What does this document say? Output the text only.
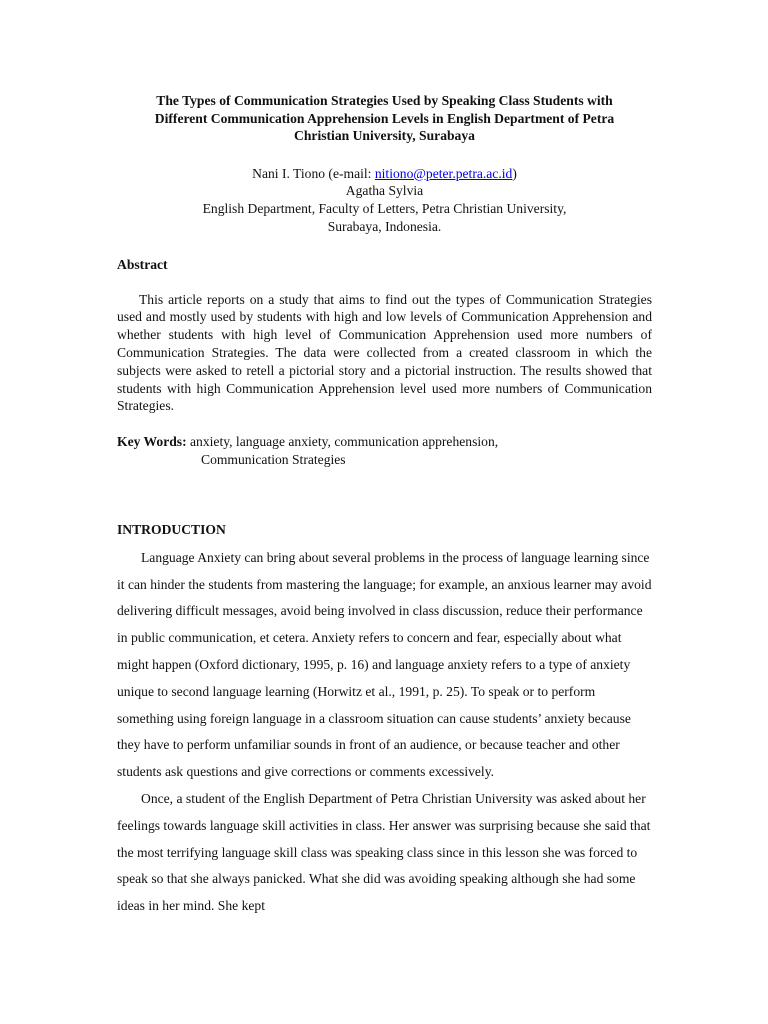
The Types of Communication Strategies Used by Speaking Class Students with
Different Communication Apprehension Levels in English Department of Petra
Christian University, Surabaya
Nani I. Tiono (e-mail: nitiono@peter.petra.ac.id)
Agatha Sylvia
English Department, Faculty of Letters, Petra Christian University,
Surabaya, Indonesia.
Abstract
This article reports on a study that aims to find out the types of Communication Strategies used and mostly used by students with high and low levels of Communication Apprehension and whether students with high level of Communication Apprehension used more numbers of Communication Strategies. The data were collected from a created classroom in which the subjects were asked to retell a pictorial story and a pictorial instruction. The results showed that students with high Communication Apprehension level used more numbers of Communication Strategies.
Key Words: anxiety, language anxiety, communication apprehension,
Communication Strategies
INTRODUCTION

Language Anxiety can bring about several problems in the process of language learning since it can hinder the students from mastering the language; for example, an anxious learner may avoid delivering difficult messages, avoid being involved in class discussion, reduce their performance in public communication, et cetera. Anxiety refers to concern and fear, especially about what might happen (Oxford dictionary, 1995, p. 16) and language anxiety refers to a type of anxiety unique to second language learning (Horwitz et al., 1991, p. 25). To speak or to perform something using foreign language in a classroom situation can cause students’ anxiety because they have to perform unfamiliar sounds in front of an audience, or because teacher and other students ask questions and give corrections or comments excessively.

Once, a student of the English Department of Petra Christian University was asked about her feelings towards language skill activities in class. Her answer was surprising because she said that the most terrifying language skill class was speaking class since in this lesson she was forced to speak so that she always panicked. What she did was avoiding speaking although she had some ideas in her mind. She kept
